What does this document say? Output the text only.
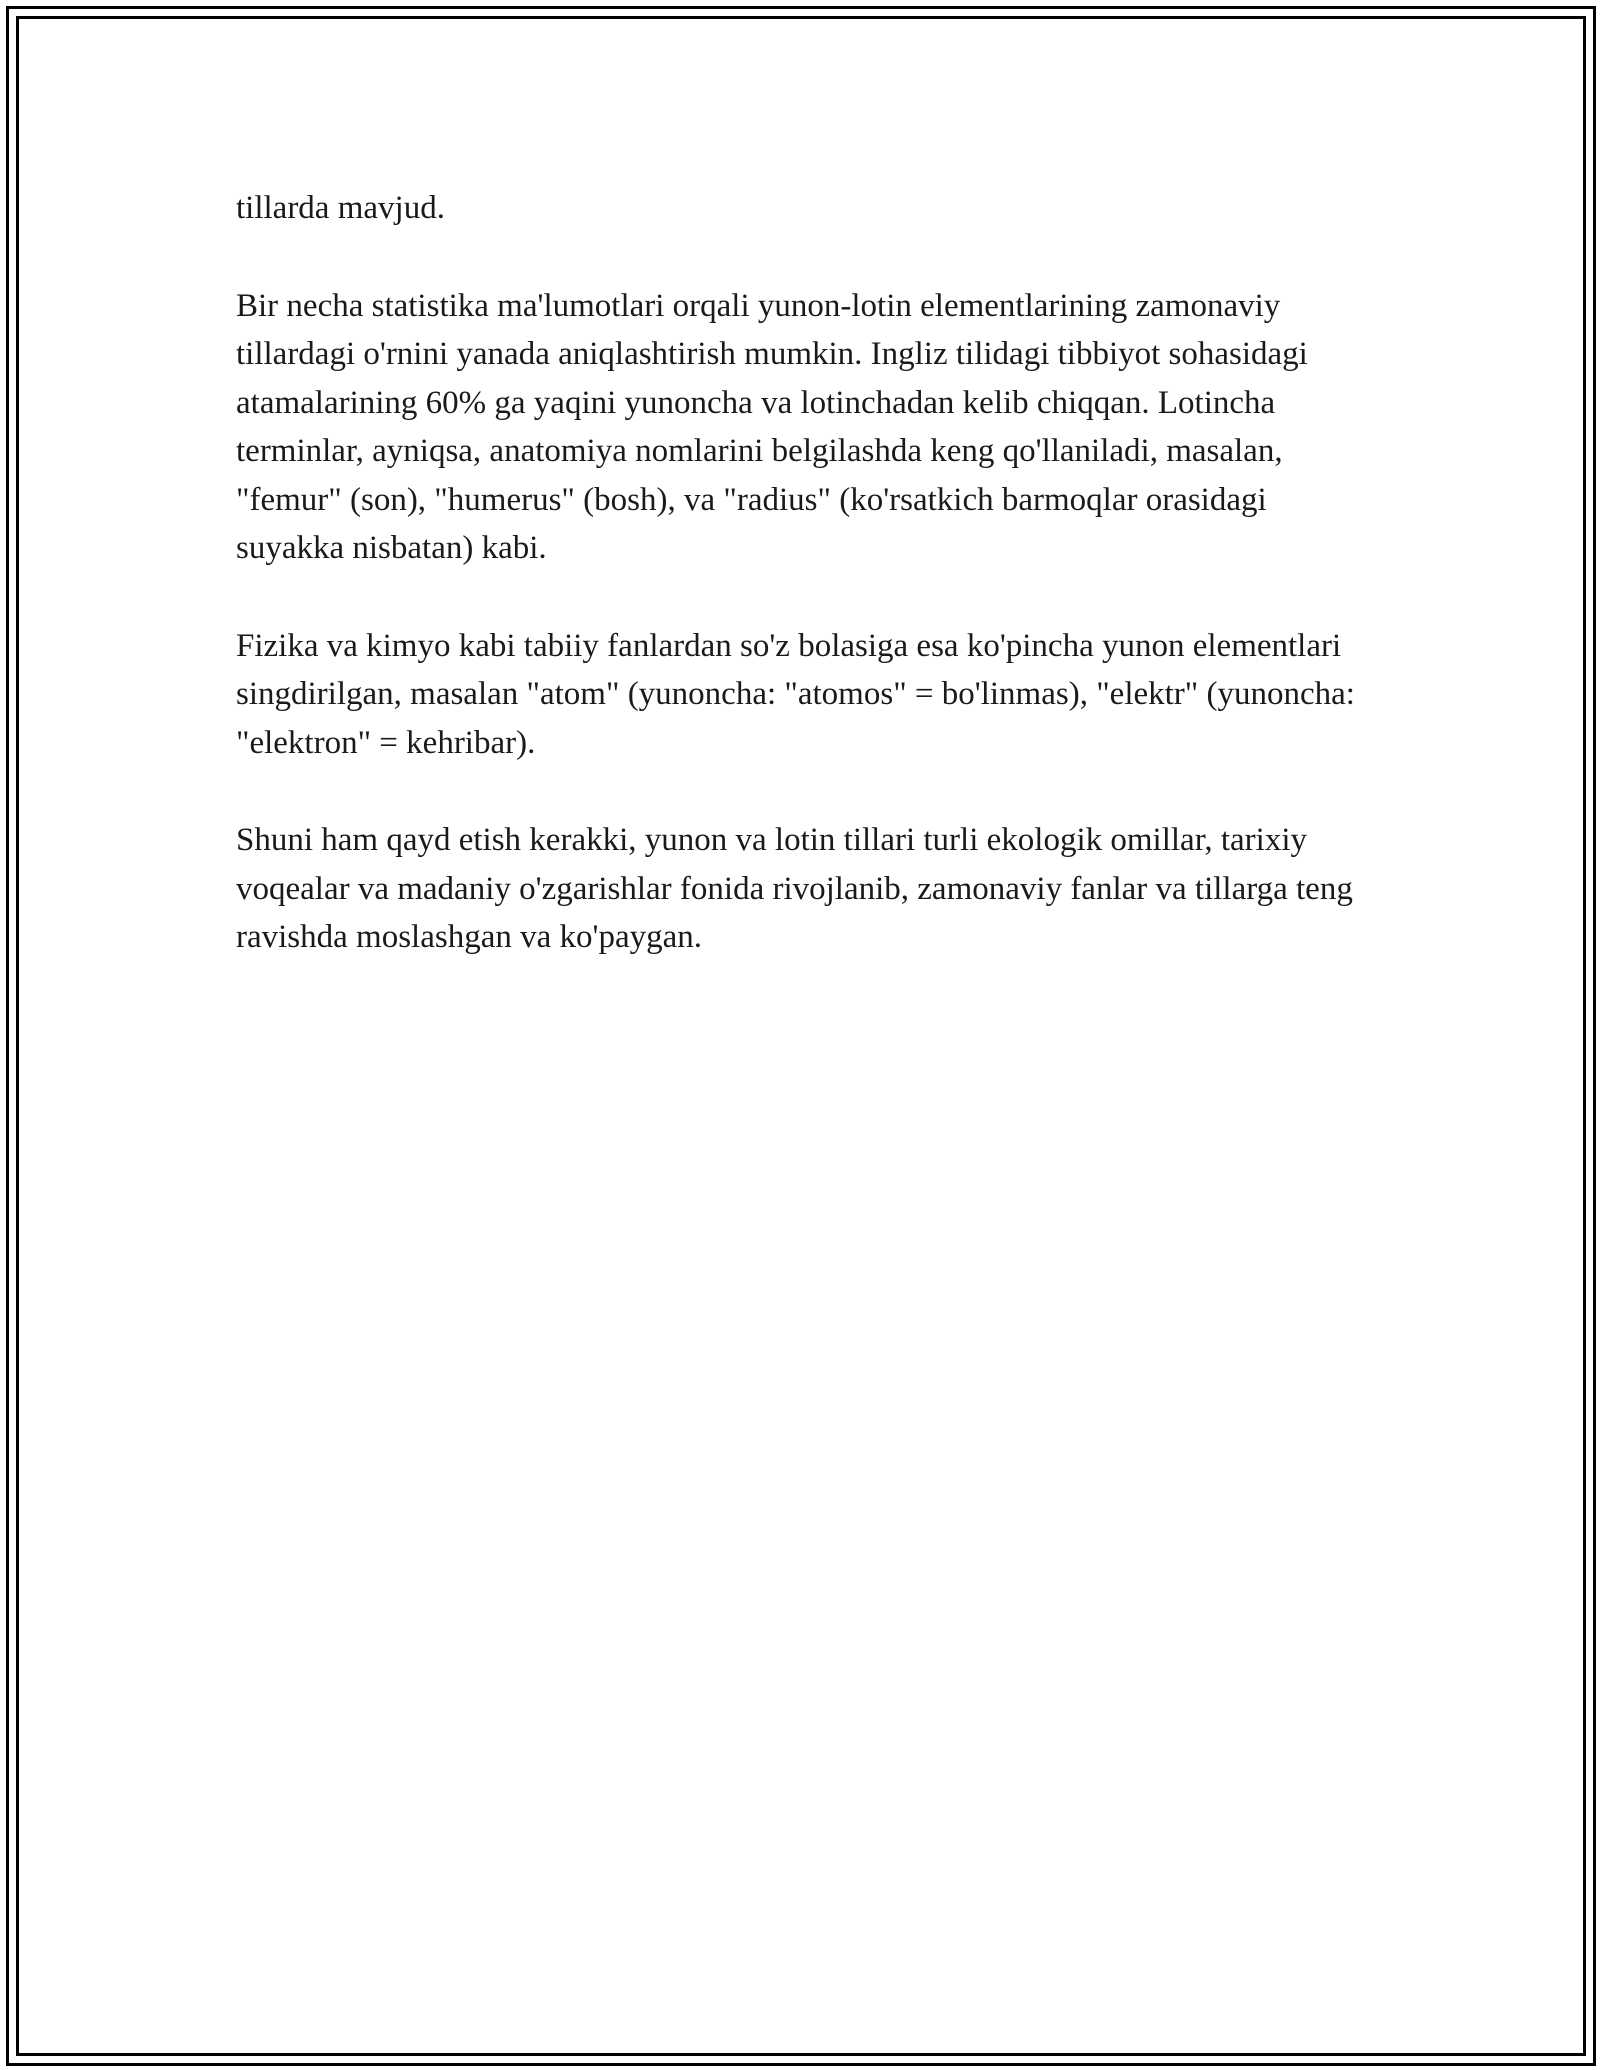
tillarda mavjud.

Bir necha statistika ma'lumotlari orqali yunon-lotin elementlarining zamonaviy tillardagi o'rnini yanada aniqlashtirish mumkin. Ingliz tilidagi tibbiyot sohasidagi atamalarining 60% ga yaqini yunoncha va lotinchadan kelib chiqqan. Lotincha terminlar, ayniqsa, anatomiya nomlarini belgilashda keng qo'llaniladi, masalan, "femur" (son), "humerus" (bosh), va "radius" (ko'rsatkich barmoqlar orasidagi suyakka nisbatan) kabi.

Fizika va kimyo kabi tabiiy fanlardan so'z bolasiga esa ko'pincha yunon elementlari singdirilgan, masalan "atom" (yunoncha: "atomos" = bo'linmas), "elektr" (yunoncha: "elektron" = kehribar).

Shuni ham qayd etish kerakki, yunon va lotin tillari turli ekologik omillar, tarixiy voqealar va madaniy o'zgarishlar fonida rivojlanib, zamonaviy fanlar va tillarga teng ravishda moslashgan va ko'paygan.
